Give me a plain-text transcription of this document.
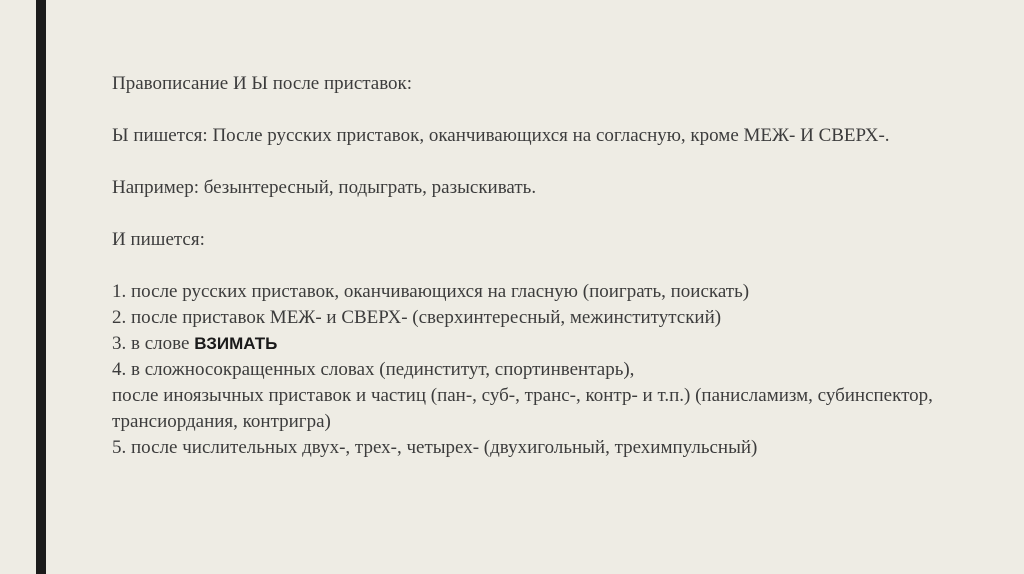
Правописание И Ы после приставок:

Ы пишется: После русских приставок, оканчивающихся на согласную, кроме МЕЖ- И СВЕРХ-.

Например: безынтересный, подыграть, разыскивать.

И пишется:

1. после русских приставок, оканчивающихся на гласную (поиграть, поискать)

2. после приставок МЕЖ- и СВЕРХ- (сверхинтересный, межинститутский)

3. в слове ВЗИМАТЬ

4. в сложносокращенных словах (пединститут, спортинвентарь),

после иноязычных приставок и частиц (пан-, суб-, транс-, контр- и т.п.) (панисламизм, субинспектор, трансиордания, контригра)

5. после числительных двух-, трех-, четырех- (двухигольный, трехимпульсный)
